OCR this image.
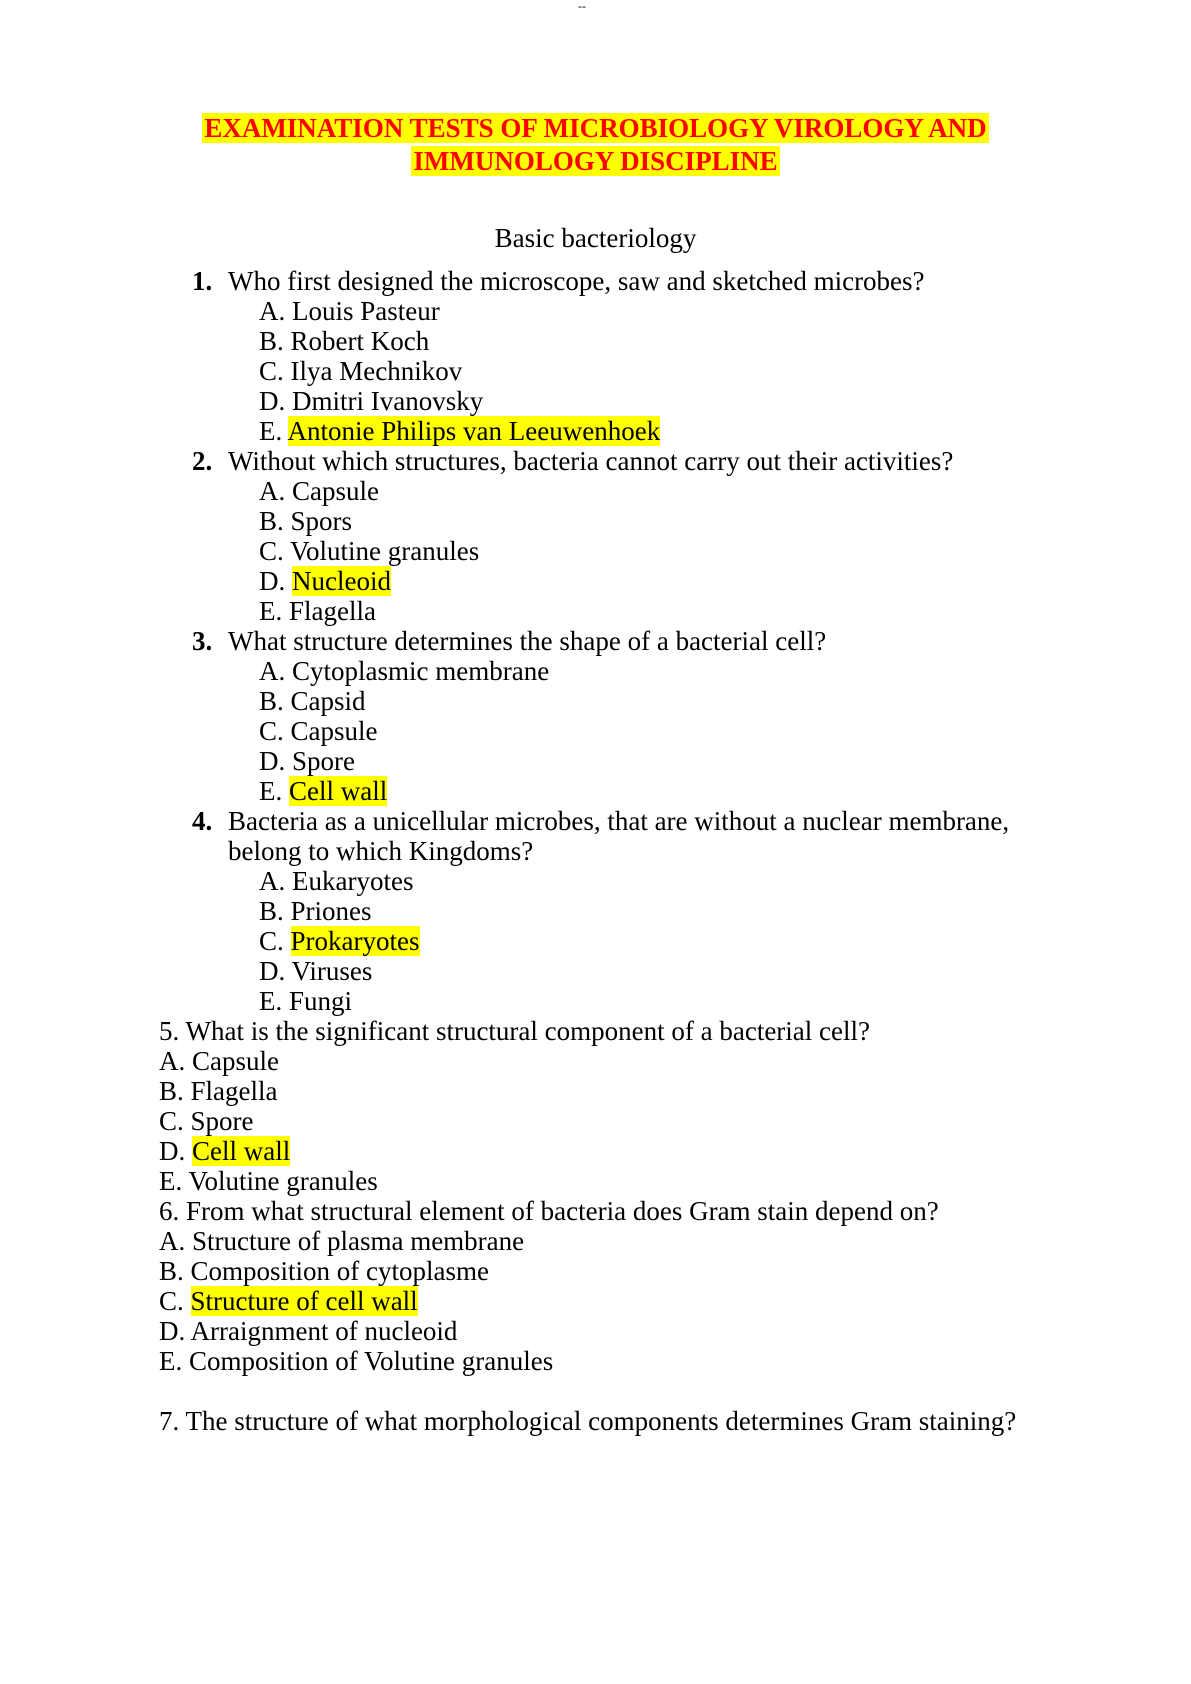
--
EXAMINATION TESTS OF MICROBIOLOGY VIROLOGY AND
IMMUNOLOGY DISCIPLINE
Basic bacteriology
1. Who first designed the microscope, saw and sketched microbes?
A. Louis Pasteur
B. Robert Koch
C. Ilya Mechnikov
D. Dmitri Ivanovsky
E. Antonie Philips van Leeuwenhoek
2. Without which structures, bacteria cannot carry out their activities?
A. Capsule
B. Spors
C. Volutine granules
D. Nucleoid
E. Flagella
3. What structure determines the shape of a bacterial cell?
A. Cytoplasmic membrane
B. Capsid
C. Capsule
D. Spore
E. Cell wall
4. Bacteria as a unicellular microbes, that are without a nuclear membrane,
belong to which Kingdoms?
A. Eukaryotes
B. Priones
C. Prokaryotes
D. Viruses
E. Fungi
5. What is the significant structural component of a bacterial cell?
A. Capsule
B. Flagella
C. Spore
D. Cell wall
E. Volutine granules
6. From what structural element of bacteria does Gram stain depend on?
A. Structure of plasma membrane
B. Composition of cytoplasme
C. Structure of cell wall
D. Arraignment of nucleoid
E. Composition of Volutine granules
7. The structure of what morphological components determines Gram staining?
